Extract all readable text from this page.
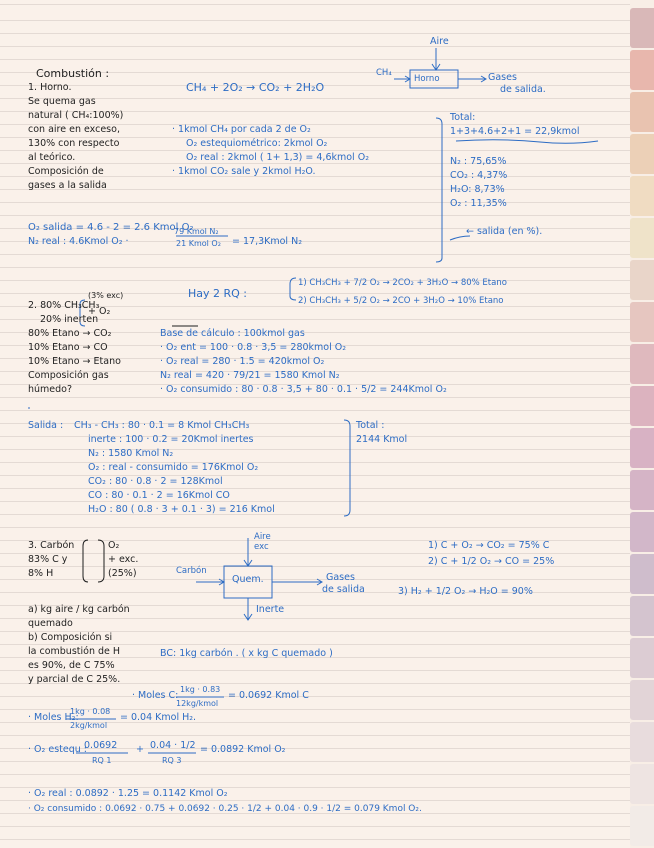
Combustión :
1. Horno.
Se quema gas
natural ( CH₄:100%)
con aire en exceso,
130% con respecto
al teórico.
Composición de
gases a la salida
Aire
CH₄
Horno	Gases
de salida.
CH₄ + 2O₂ → CO₂ + 2H₂O
· 1kmol CH₄ por cada 2 de O₂
O₂ estequiométrico: 2kmol O₂
O₂ real : 2kmol ( 1+ 1,3) = 4,6kmol O₂
· 1kmol CO₂ sale y 2kmol H₂O.
Total:
1+3+4.6+2+1 = 22,9kmol
N₂ : 75,65%
CO₂ : 4,37%
H₂O: 8,73%
O₂ : 11,35%
← salida (en %).
O₂ salida = 4.6 - 2 = 2.6 Kmol O₂
N₂ real : 4.6Kmol O₂ ·
79 Kmol N₂
21 Kmol O₂ = 17,3Kmol N₂
(3% exc)
2. 80% CH₃CH₃
20% inerten
+ O₂
Hay 2 RQ :
1) CH₃CH₃ + 7/2 O₂ → 2CO₂ + 3H₂O → 80% Etano
2) CH₃CH₃ + 5/2 O₂ → 2CO + 3H₂O → 10% Etano
80% Etano → CO₂
10% Etano → CO
10% Etano → Etano
Composición gas
húmedo?
Base de cálculo : 100kmol gas
· O₂ ent = 100 · 0.8 · 3,5 = 280kmol O₂
· O₂ real = 280 · 1.5 = 420kmol O₂
N₂ real = 420 · 79/21 = 1580 Kmol N₂
· O₂ consumido : 80 · 0.8 · 3,5 + 80 · 0.1 · 5/2 = 244Kmol O₂
Salida : CH₃ - CH₃ : 80 · 0.1 = 8 Kmol CH₃CH₃
inerte : 100 · 0.2 = 20Kmol inertes
N₂ : 1580 Kmol N₂
O₂ : real - consumido = 176Kmol O₂
CO₂ : 80 · 0.8 · 2 = 128Kmol
CO : 80 · 0.1 · 2 = 16Kmol CO
H₂O : 80 ( 0.8 · 3 + 0.1 · 3) = 216 Kmol
Total :
2144 Kmol
3. Carbón
83% C y
8% H
O₂
+ exc.
(25%)
Aire
exc
Carbón
Quem.	Gases
de salida
Inerte
1) C + O₂ → CO₂ = 75% C
2) C + 1/2 O₂ → CO = 25%
3) H₂ + 1/2 O₂ → H₂O = 90%
a) kg aire / kg carbón
quemado
b) Composición si
la combustión de H
es 90%, de C 75%
y parcial de C 25%.
BC: 1kg carbón . ( x kg C quemado )
· Moles C:
1kg · 0.83
12kg/kmol
= 0.0692 Kmol C
· Moles H₂:
1kg · 0.08
2kg/kmol
= 0.04 Kmol H₂.
· O₂ estequ :
0.0692
RQ 1
+ 0.04 · 1/2
RQ 3
= 0.0892 Kmol O₂
· O₂ real : 0.0892 · 1.25 = 0.1142 Kmol O₂
· O₂ consumido : 0.0692 · 0.75 + 0.0692 · 0.25 · 1/2 + 0.04 · 0.9 · 1/2 = 0.079 Kmol O₂.
